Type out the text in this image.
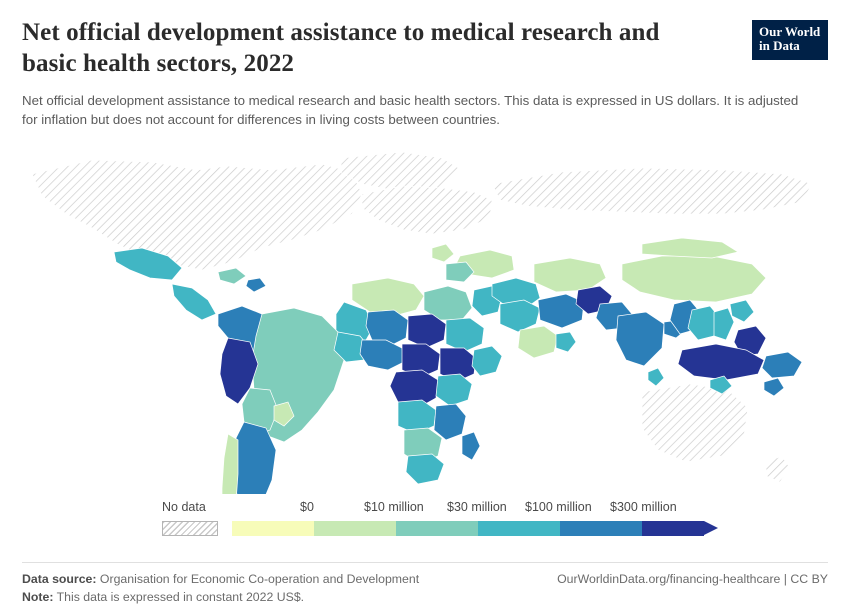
Net official development assistance to medical research and basic health sectors, 2022
Our World
in Data
Net official development assistance to medical research and basic health sectors. This data is expressed in US dollars. It is adjusted for inflation but does not account for differences in living costs between countries.
No data	$0	$10 million $30 million $100 million $300 million
Data source: Organisation for Economic Co-operation and Development
Note: This data is expressed in constant 2022 US$.
OurWorldinData.org/financing-healthcare | CC BY
